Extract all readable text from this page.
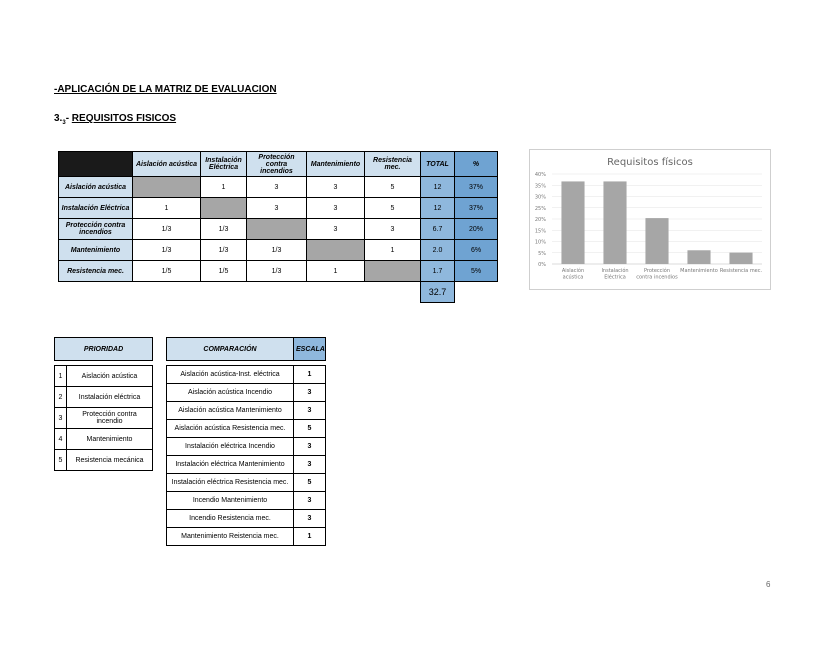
-APLICACIÓN DE LA MATRIZ DE EVALUACION
$3._3-$ REQUISITOS FISICOS
	Aislación acústica	Instalación Eléctrica	Protección contra incendios	Mantenimiento	Resistencia mec.	TOTAL	%
Aislación acústica		1	3	3	5	12	37%
Instalación Eléctrica	1		3	3	5	12	37%
Protección contra incendios	1/3	1/3		3	3	6.7	20%
Mantenimiento	1/3	1/3	1/3		1	2.0	6%
Resistencia mec.	1/5	1/5	1/3	1		1.7	5%
						32.7	
Requisitos físicos
0%
5%
10%
15%
20%
25%
30%
35%
40%
Aislación
acústica
Instalación
Eléctrica
Protección
contra incendios
Mantenimiento Resistencia mec.
PRIORIDAD	

1	Aislación acústica
2	Instalación eléctrica
3	Protección contra incendio
4	Mantenimiento
5	Resistencia mecánica
COMPARACIÓN	ESCALA

Aislación acústica-Inst. eléctrica	1
Aislación acústica Incendio	3
Aislación acústica Mantenimiento	3
Aislación acústica Resistencia mec.	5
Instalación eléctrica Incendio	3
Instalación eléctrica Mantenimiento	3
Instalación eléctrica Resistencia mec.	5
Incendio Mantenimiento	3
Incendio Resistencia mec.	3
Mantenimiento Reistencia mec.	1
6
